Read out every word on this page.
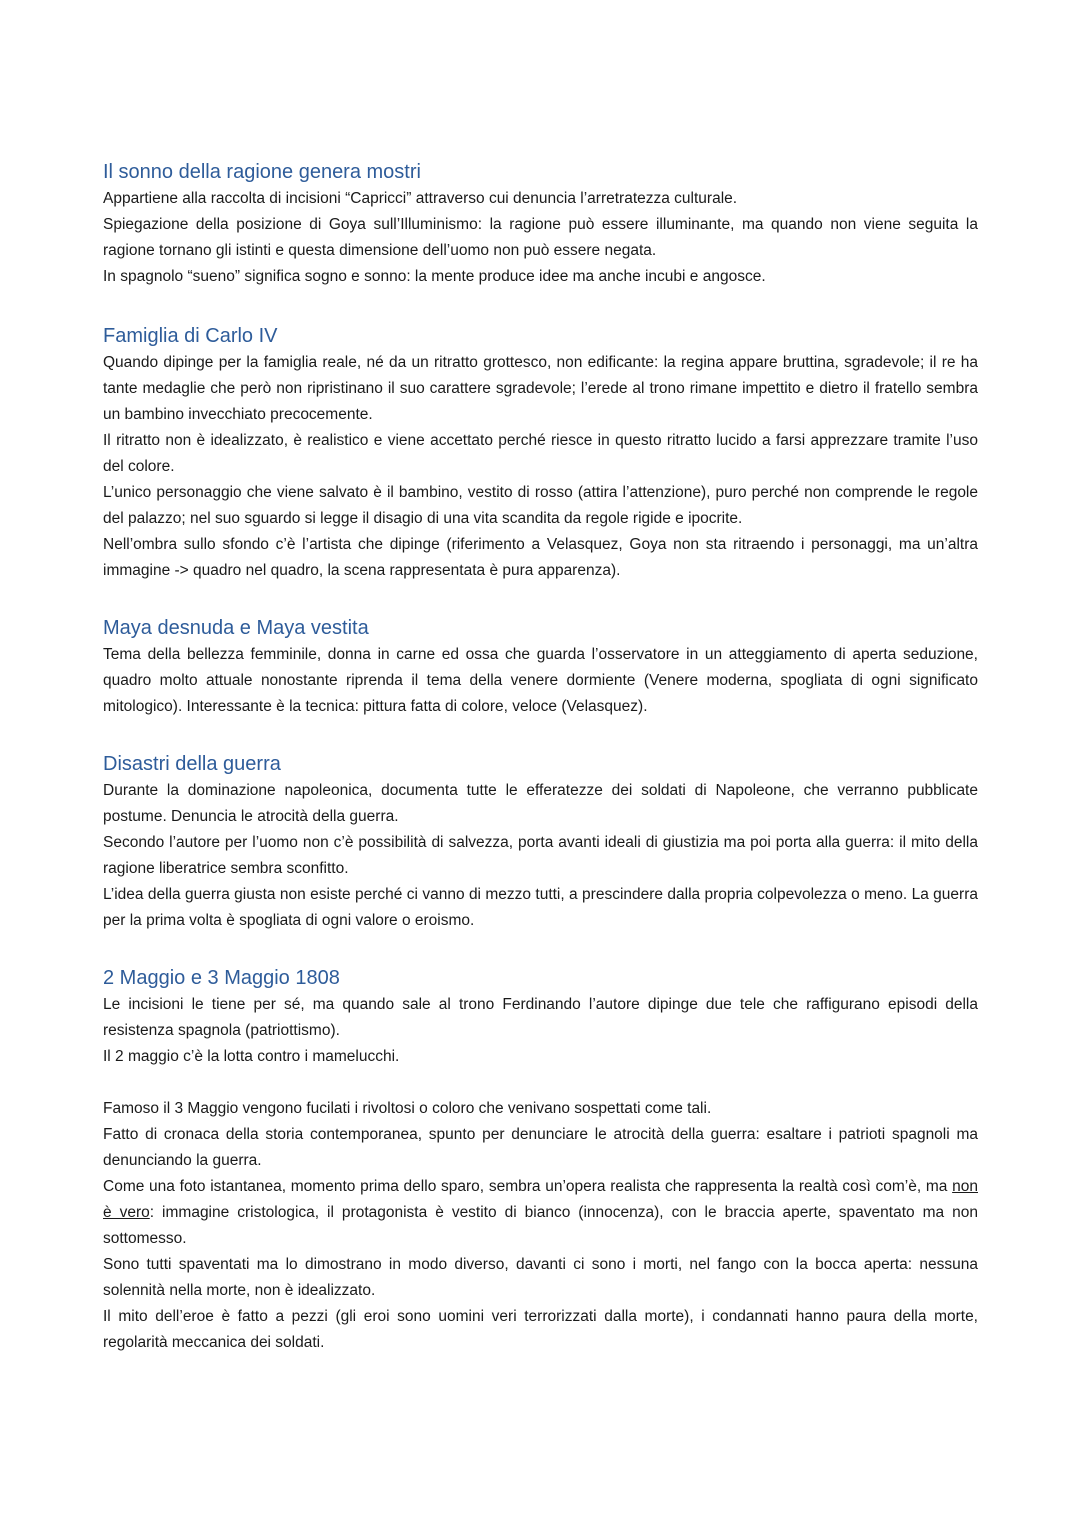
Il sonno della ragione genera mostri

Appartiene alla raccolta di incisioni “Capricci” attraverso cui denuncia l’arretratezza culturale.

Spiegazione della posizione di Goya sull’Illuminismo: la ragione può essere illuminante, ma quando non viene seguita la ragione tornano gli istinti e questa dimensione dell’uomo non può essere negata.

In spagnolo “sueno” significa sogno e sonno: la mente produce idee ma anche incubi e angosce.

Famiglia di Carlo IV

Quando dipinge per la famiglia reale, né da un ritratto grottesco, non edificante: la regina appare bruttina, sgradevole; il re ha tante medaglie che però non ripristinano il suo carattere sgradevole; l’erede al trono rimane impettito e dietro il fratello sembra un bambino invecchiato precocemente.

Il ritratto non è idealizzato, è realistico e viene accettato perché riesce in questo ritratto lucido a farsi apprezzare tramite l’uso del colore.

L’unico personaggio che viene salvato è il bambino, vestito di rosso (attira l’attenzione), puro perché non comprende le regole del palazzo; nel suo sguardo si legge il disagio di una vita scandita da regole rigide e ipocrite.

Nell’ombra sullo sfondo c’è l’artista che dipinge (riferimento a Velasquez, Goya non sta ritraendo i personaggi, ma un’altra immagine -> quadro nel quadro, la scena rappresentata è pura apparenza).

Maya desnuda e Maya vestita

Tema della bellezza femminile, donna in carne ed ossa che guarda l’osservatore in un atteggiamento di aperta seduzione, quadro molto attuale nonostante riprenda il tema della venere dormiente (Venere moderna, spogliata di ogni significato mitologico). Interessante è la tecnica: pittura fatta di colore, veloce (Velasquez).

Disastri della guerra

Durante la dominazione napoleonica, documenta tutte le efferatezze dei soldati di Napoleone, che verranno pubblicate postume. Denuncia le atrocità della guerra.

Secondo l’autore per l’uomo non c’è possibilità di salvezza, porta avanti ideali di giustizia ma poi porta alla guerra: il mito della ragione liberatrice sembra sconfitto.

L’idea della guerra giusta non esiste perché ci vanno di mezzo tutti, a prescindere dalla propria colpevolezza o meno. La guerra per la prima volta è spogliata di ogni valore o eroismo.

2 Maggio e 3 Maggio 1808

Le incisioni le tiene per sé, ma quando sale al trono Ferdinando l’autore dipinge due tele che raffigurano episodi della resistenza spagnola (patriottismo).

Il 2 maggio c’è la lotta contro i mamelucchi.

Famoso il 3 Maggio vengono fucilati i rivoltosi o coloro che venivano sospettati come tali.

Fatto di cronaca della storia contemporanea, spunto per denunciare le atrocità della guerra: esaltare i patrioti spagnoli ma denunciando la guerra.

Come una foto istantanea, momento prima dello sparo, sembra un’opera realista che rappresenta la realtà così com’è, ma non è vero: immagine cristologica, il protagonista è vestito di bianco (innocenza), con le braccia aperte, spaventato ma non sottomesso.

Sono tutti spaventati ma lo dimostrano in modo diverso, davanti ci sono i morti, nel fango con la bocca aperta: nessuna solennità nella morte, non è idealizzato.

Il mito dell’eroe è fatto a pezzi (gli eroi sono uomini veri terrorizzati dalla morte), i condannati hanno paura della morte, regolarità meccanica dei soldati.
